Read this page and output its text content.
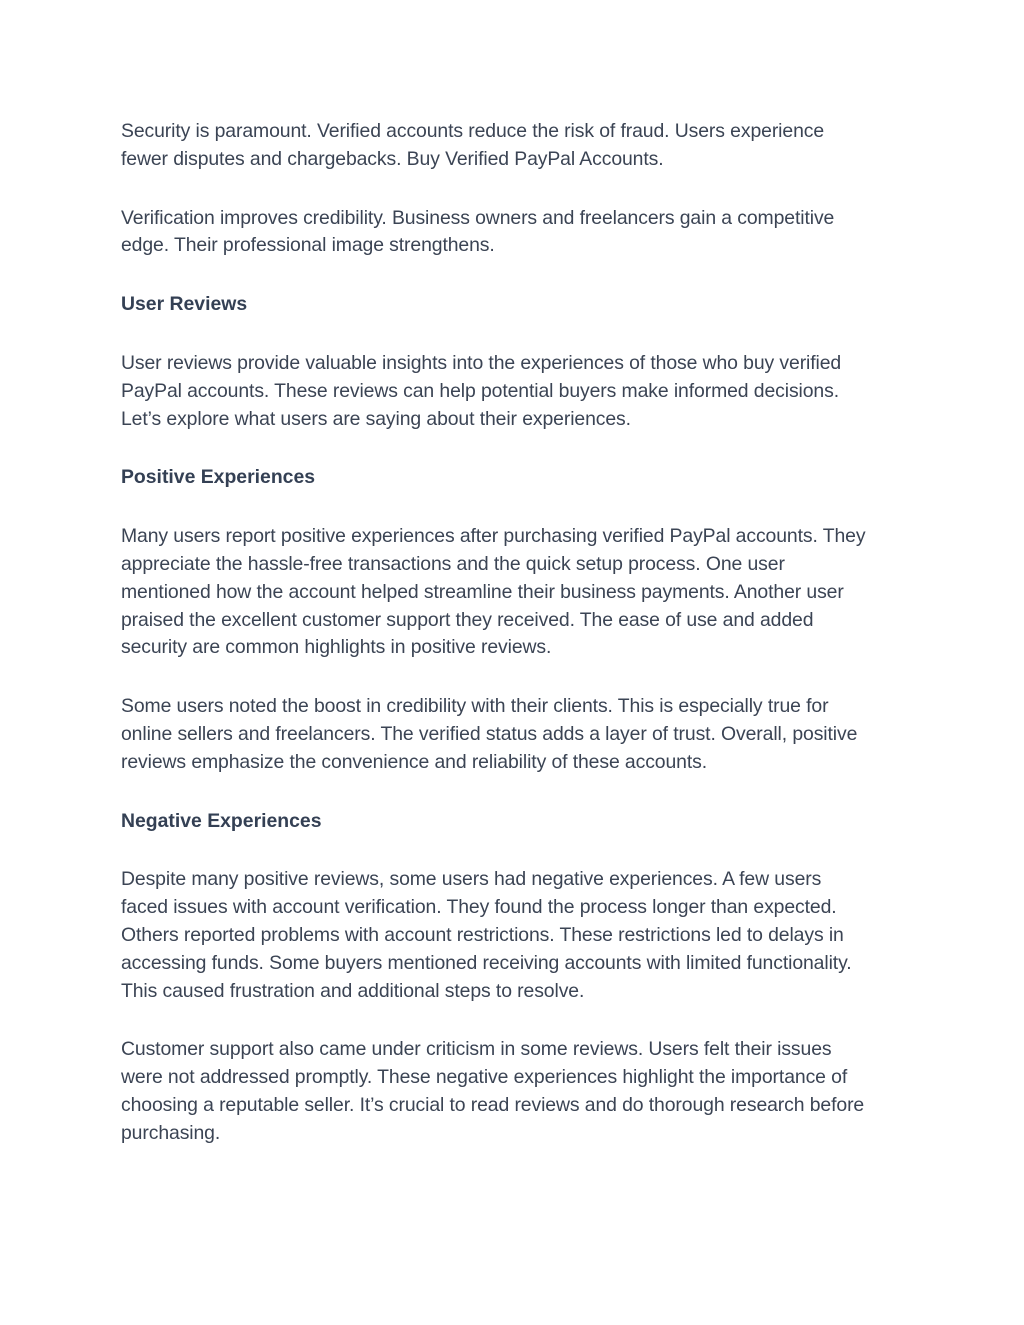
Security is paramount. Verified accounts reduce the risk of fraud. Users experience
fewer disputes and chargebacks. Buy Verified PayPal Accounts.

Verification improves credibility. Business owners and freelancers gain a competitive
edge. Their professional image strengthens.

User Reviews

User reviews provide valuable insights into the experiences of those who buy verified
PayPal accounts. These reviews can help potential buyers make informed decisions.
Let’s explore what users are saying about their experiences.

Positive Experiences

Many users report positive experiences after purchasing verified PayPal accounts. They
appreciate the hassle-free transactions and the quick setup process. One user
mentioned how the account helped streamline their business payments. Another user
praised the excellent customer support they received. The ease of use and added
security are common highlights in positive reviews.

Some users noted the boost in credibility with their clients. This is especially true for
online sellers and freelancers. The verified status adds a layer of trust. Overall, positive
reviews emphasize the convenience and reliability of these accounts.

Negative Experiences

Despite many positive reviews, some users had negative experiences. A few users
faced issues with account verification. They found the process longer than expected.
Others reported problems with account restrictions. These restrictions led to delays in
accessing funds. Some buyers mentioned receiving accounts with limited functionality.
This caused frustration and additional steps to resolve.

Customer support also came under criticism in some reviews. Users felt their issues
were not addressed promptly. These negative experiences highlight the importance of
choosing a reputable seller. It’s crucial to read reviews and do thorough research before
purchasing.
